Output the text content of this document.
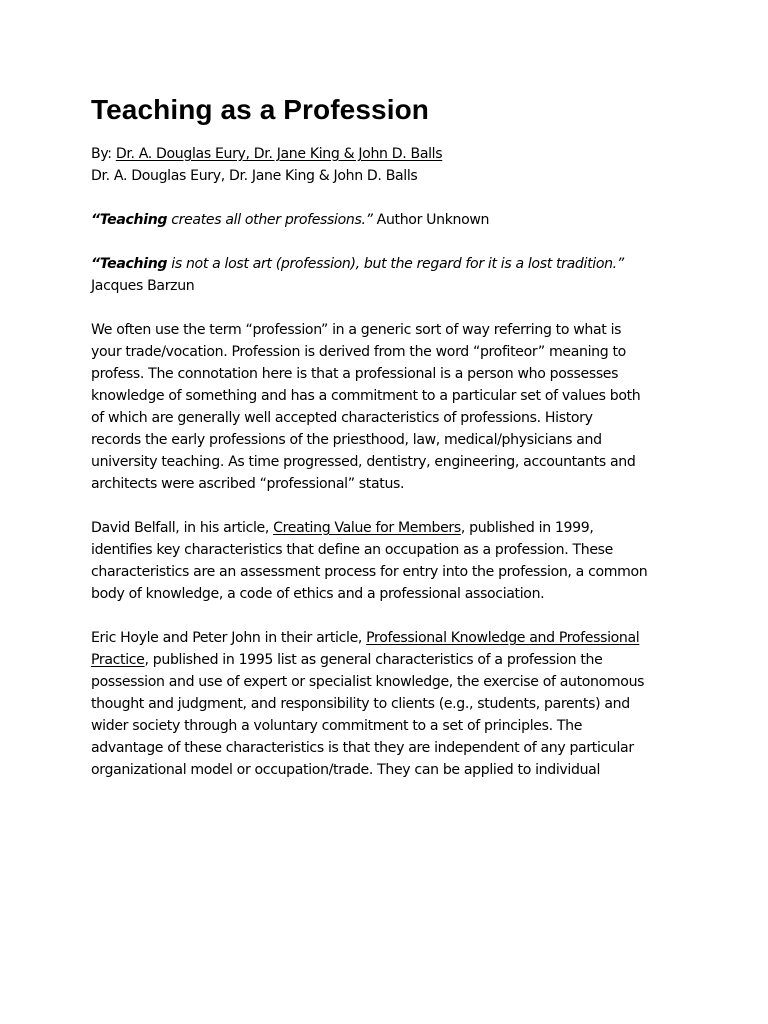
Teaching as a Profession

By: Dr. A. Douglas Eury, Dr. Jane King & John D. Balls

Dr. A. Douglas Eury, Dr. Jane King & John D. Balls

“Teaching creates all other professions.” Author Unknown

“Teaching is not a lost art (profession), but the regard for it is a lost tradition.”

Jacques Barzun

We often use the term “profession” in a generic sort of way referring to what is

your trade/vocation. Profession is derived from the word “profiteor” meaning to

profess. The connotation here is that a professional is a person who possesses

knowledge of something and has a commitment to a particular set of values both

of which are generally well accepted characteristics of professions. History

records the early professions of the priesthood, law, medical/physicians and

university teaching. As time progressed, dentistry, engineering, accountants and

architects were ascribed “professional” status.

David Belfall, in his article, Creating Value for Members, published in 1999,

identifies key characteristics that define an occupation as a profession. These

characteristics are an assessment process for entry into the profession, a common

body of knowledge, a code of ethics and a professional association.

Eric Hoyle and Peter John in their article, Professional Knowledge and Professional

Practice, published in 1995 list as general characteristics of a profession the

possession and use of expert or specialist knowledge, the exercise of autonomous

thought and judgment, and responsibility to clients (e.g., students, parents) and

wider society through a voluntary commitment to a set of principles. The

advantage of these characteristics is that they are independent of any particular

organizational model or occupation/trade. They can be applied to individual
